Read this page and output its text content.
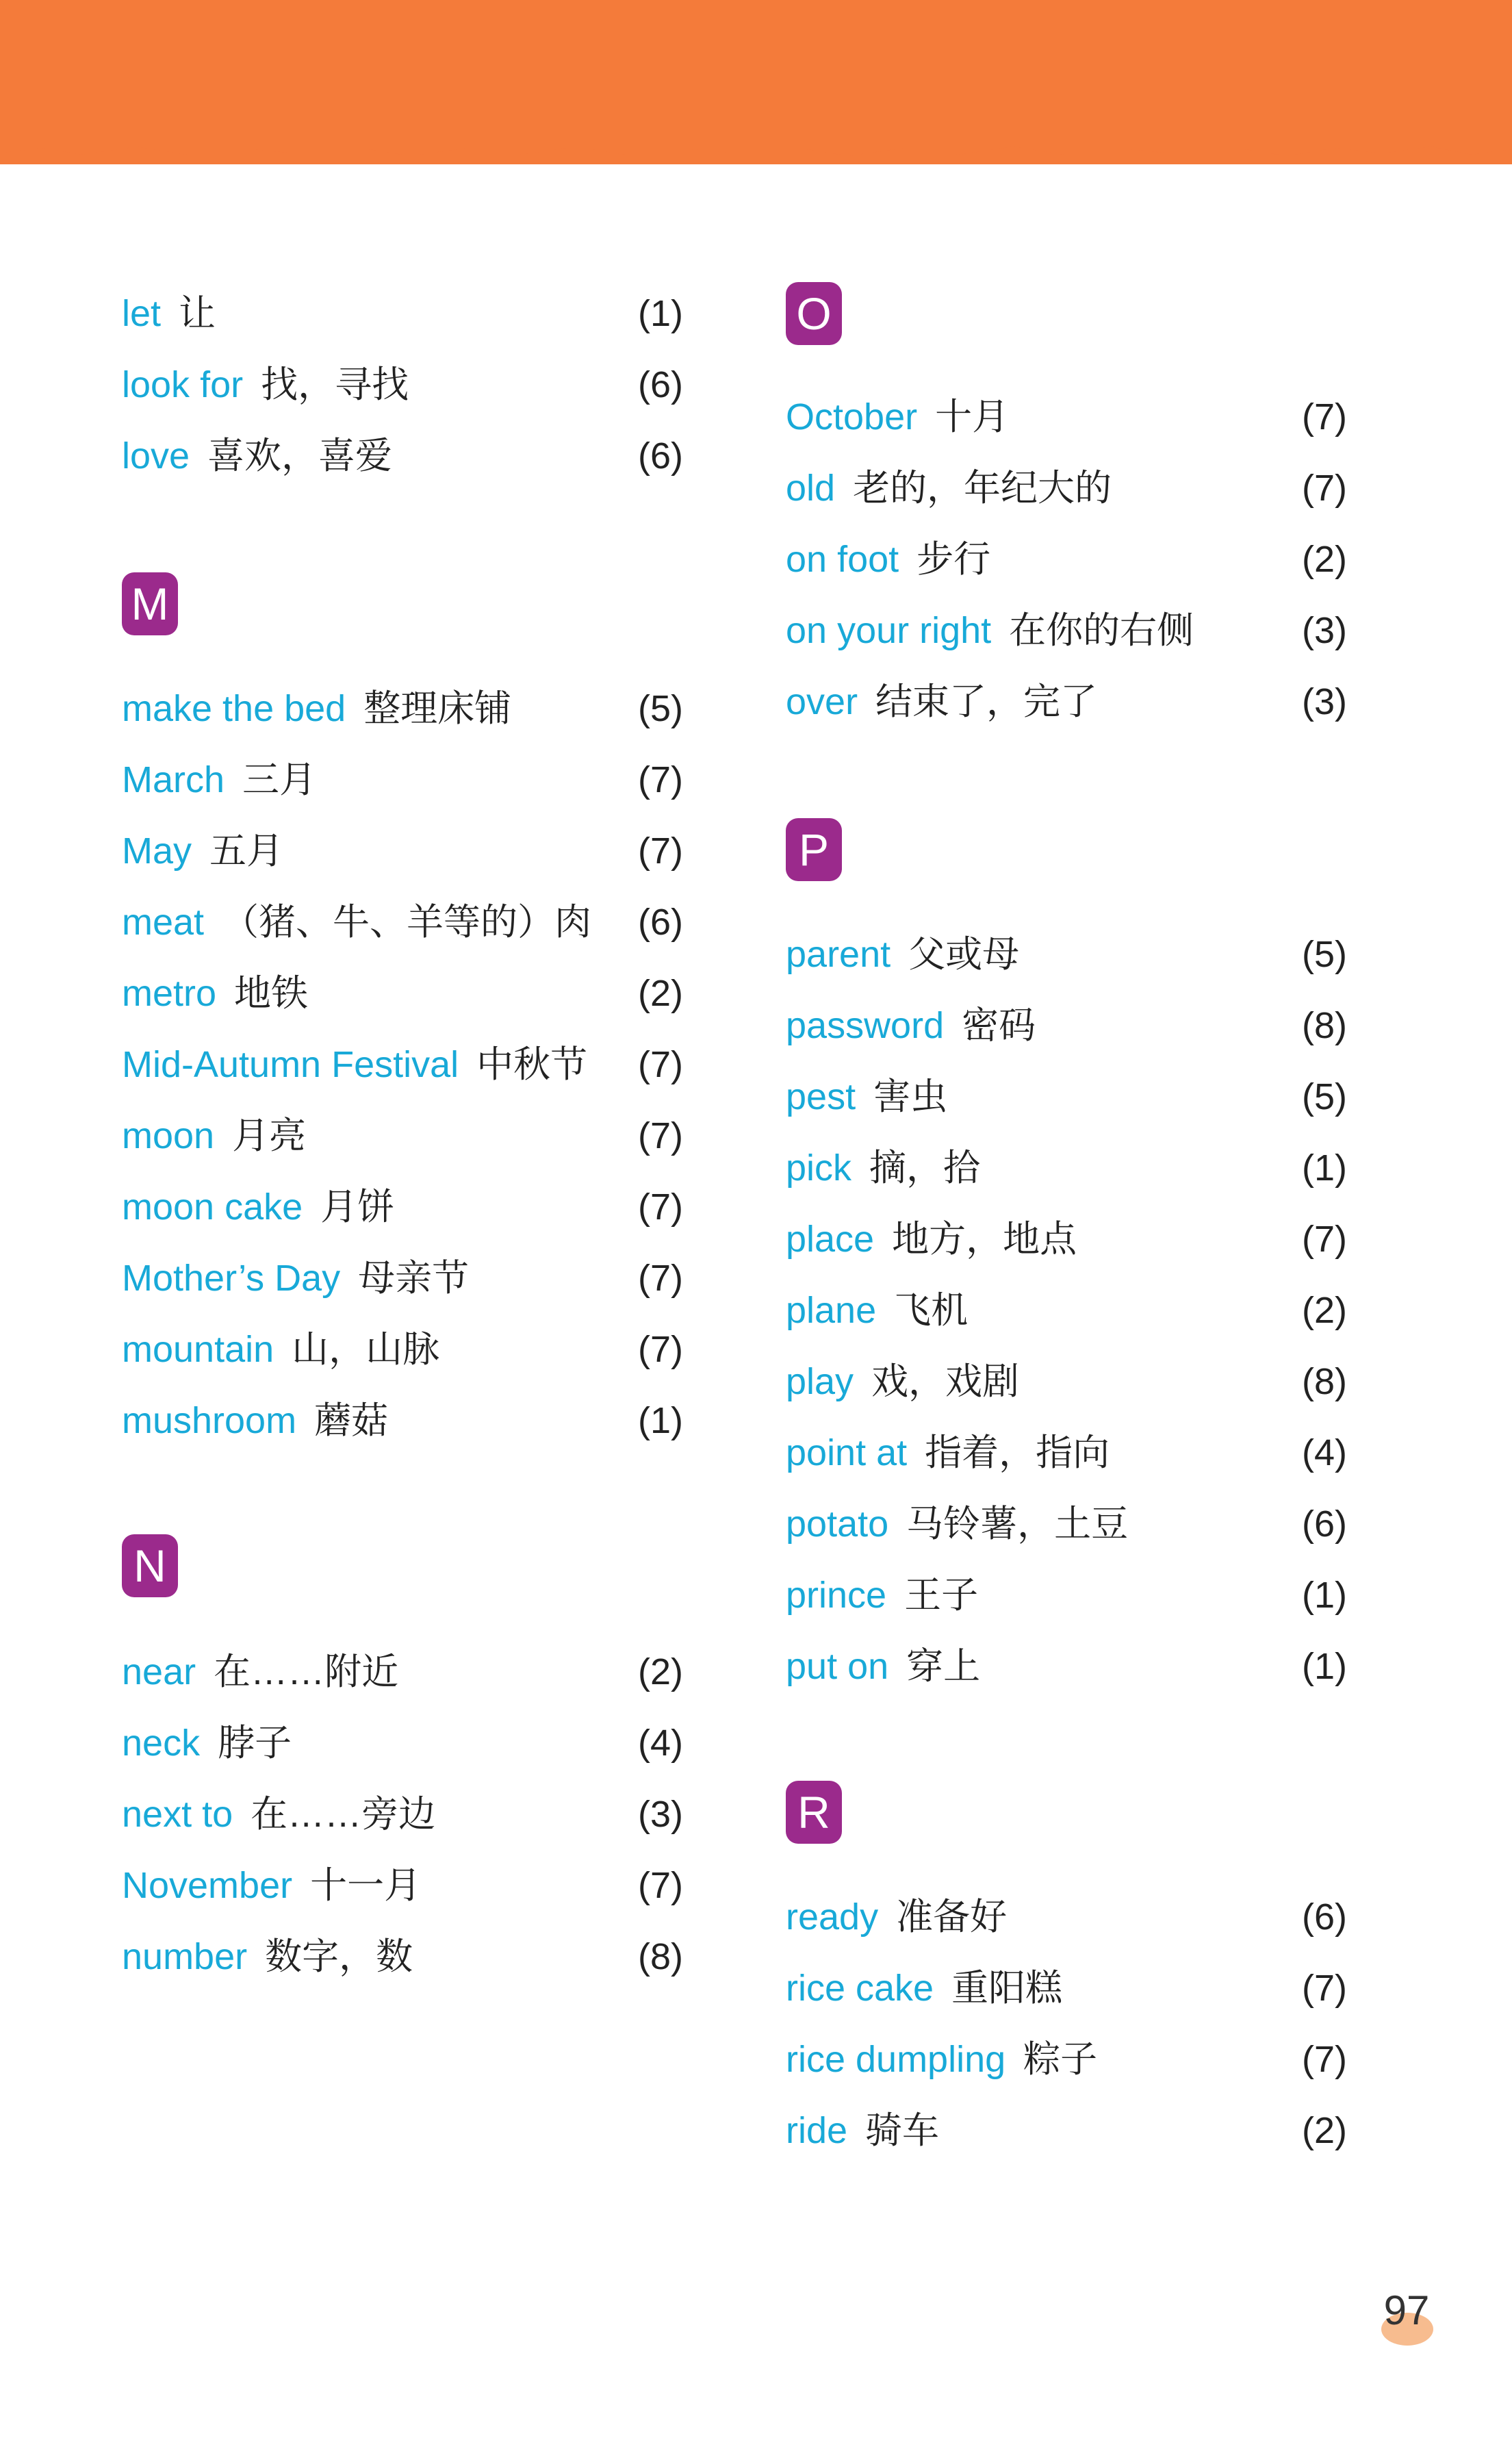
let 让	(1)
look for 找，寻找	(6)
love 喜欢，喜爱	(6)
M
make the bed 整理床铺	(5)
March 三月	(7)
May 五月	(7)
meat （猪、牛、羊等的）肉 (6)
metro 地铁	(2)
Mid-Autumn Festival 中秋节 (7)
moon 月亮	(7)
moon cake 月饼	(7)
Mother’s Day 母亲节	(7)
mountain 山，山脉	(7)
mushroom 蘑菇	(1)
N
near 在……附近	(2)
neck 脖子	(4)
next to 在……旁边	(3)
November 十一月	(7)
number 数字，数	(8)
O
October 十月	(7)
old 老的，年纪大的	(7)
on foot 步行	(2)
on your right 在你的右侧	(3)
over 结束了，完了	(3)
P
parent 父或母	(5)
password 密码	(8)
pest 害虫	(5)
pick 摘，拾	(1)
place 地方，地点	(7)
plane 飞机	(2)
play 戏，戏剧	(8)
point at 指着，指向	(4)
potato 马铃薯，土豆	(6)
prince 王子	(1)
put on 穿上	(1)
R
ready 准备好	(6)
rice cake 重阳糕	(7)
rice dumpling 粽子	(7)
ride 骑车	(2)
97
